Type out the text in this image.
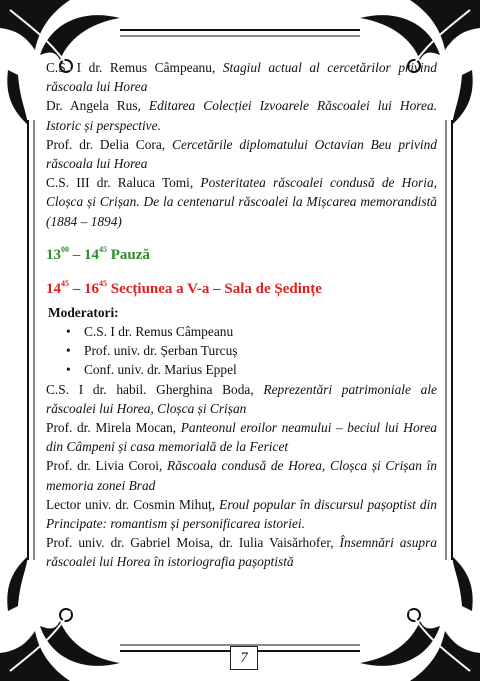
C.S. I dr. Remus Câmpeanu, Stagiul actual al cercetărilor privind răscoala lui Horea

Dr. Angela Rus, Editarea Colecției Izvoarele Răscoalei lui Horea. Istoric și perspective.

Prof. dr. Delia Cora, Cercetările diplomatului Octavian Beu privind răscoala lui Horea

C.S. III dr. Raluca Tomi, Posteritatea răscoalei condusă de Horia, Cloșca și Crișan. De la centenarul răscoalei la Mișcarea memorandistă (1884 – 1894)

$13^{00} - 14^{45}$ Pauză
$14^{45} - 16^{45}$ Secțiunea a V-a – Sala de Ședințe
Moderatori:
• C.S. I dr. Remus Câmpeanu
• Prof. univ. dr. Șerban Turcuș
• Conf. univ. dr. Marius Eppel

C.S. I dr. habil. Gherghina Boda, Reprezentări patrimoniale ale răscoalei lui Horea, Cloșca și Crișan

Prof. dr. Mirela Mocan, Panteonul eroilor neamului – beciul lui Horea din Câmpeni și casa memorială de la Fericet

Prof. dr. Livia Coroi, Răscoala condusă de Horea, Cloșca și Crișan în memoria zonei Brad

Lector univ. dr. Cosmin Mihuț, Eroul popular în discursul pașoptist din Principate: romantism și personificarea istoriei.

Prof. univ. dr. Gabriel Moisa, dr. Iulia Vaisărhofer, Însemnări asupra răscoalei lui Horea în istoriografia pașoptistă

7
